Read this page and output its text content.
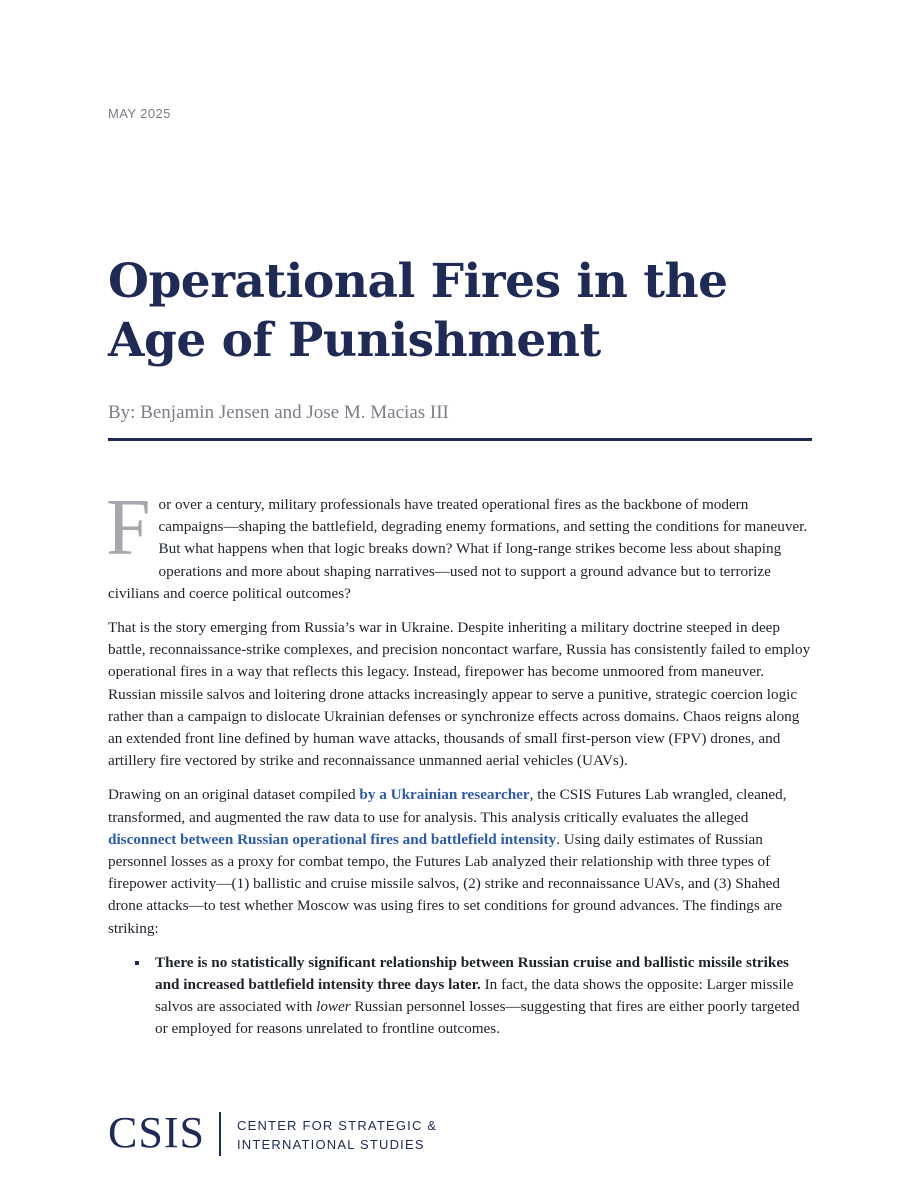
MAY 2025
Operational Fires in the
Age of Punishment
By: Benjamin Jensen and Jose M. Macias III

For over a century, military professionals have treated operational fires as the backbone of modern campaigns—shaping the battlefield, degrading enemy formations, and setting the conditions for maneuver. But what happens when that logic breaks down? What if long-range strikes become less about shaping operations and more about shaping narratives—used not to support a ground advance but to terrorize civilians and coerce political outcomes?

That is the story emerging from Russia’s war in Ukraine. Despite inheriting a military doctrine steeped in deep battle, reconnaissance-strike complexes, and precision noncontact warfare, Russia has consistently failed to employ operational fires in a way that reflects this legacy. Instead, firepower has become unmoored from maneuver. Russian missile salvos and loitering drone attacks increasingly appear to serve a punitive, strategic coercion logic rather than a campaign to dislocate Ukrainian defenses or synchronize effects across domains. Chaos reigns along an extended front line defined by human wave attacks, thousands of small first-person view (FPV) drones, and artillery fire vectored by strike and reconnaissance unmanned aerial vehicles (UAVs).

Drawing on an original dataset compiled by a Ukrainian researcher, the CSIS Futures Lab wrangled, cleaned, transformed, and augmented the raw data to use for analysis. This analysis critically evaluates the alleged disconnect between Russian operational fires and battlefield intensity. Using daily estimates of Russian personnel losses as a proxy for combat tempo, the Futures Lab analyzed their relationship with three types of firepower activity—(1) ballistic and cruise missile salvos, (2) strike and reconnaissance UAVs, and (3) Shahed drone attacks—to test whether Moscow was using fires to set conditions for ground advances. The findings are striking:

There is no statistically significant relationship between Russian cruise and ballistic missile strikes and increased battlefield intensity three days later. In fact, the data shows the opposite: Larger missile salvos are associated with lower Russian personnel losses—suggesting that fires are either poorly targeted or employed for reasons unrelated to frontline outcomes.
CSIS CENTER FOR STRATEGIC &
INTERNATIONAL STUDIES
